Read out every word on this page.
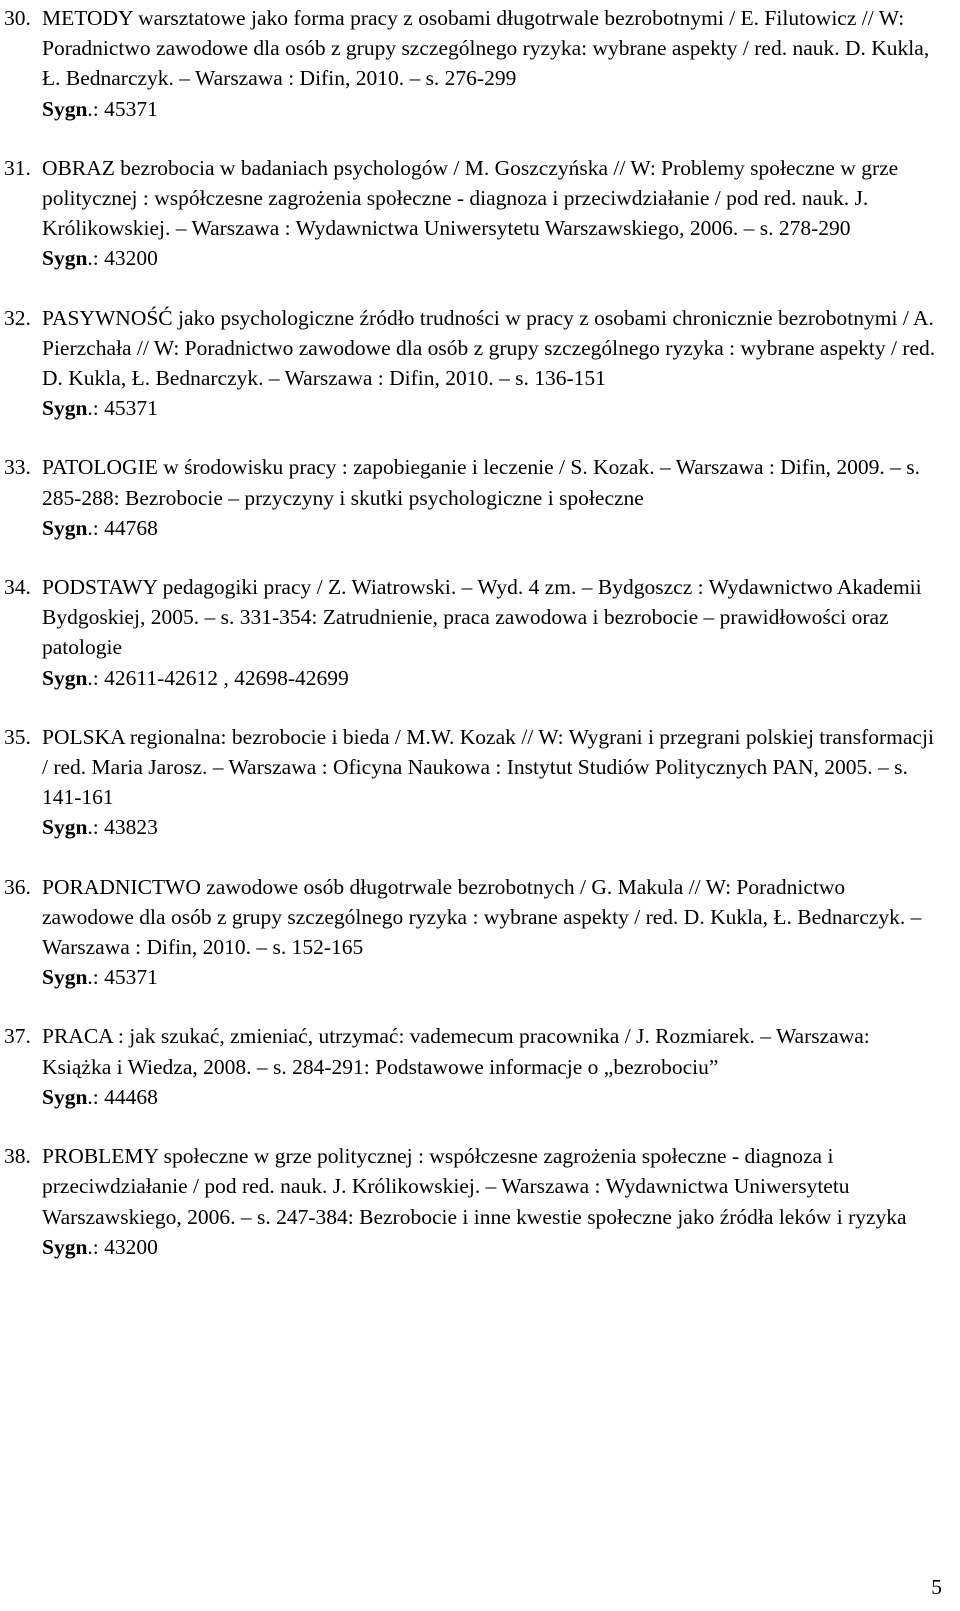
30. METODY warsztatowe jako forma pracy z osobami długotrwale bezrobotnymi / E. Filutowicz // W: Poradnictwo zawodowe dla osób z grupy szczególnego ryzyka: wybrane aspekty / red. nauk. D. Kukla, Ł. Bednarczyk. – Warszawa : Difin, 2010. – s. 276-299
Sygn.: 45371
31. OBRAZ bezrobocia w badaniach psychologów / M. Goszczyńska // W: Problemy społeczne w grze politycznej : współczesne zagrożenia społeczne - diagnoza i przeciwdziałanie / pod red. nauk. J. Królikowskiej. – Warszawa : Wydawnictwa Uniwersytetu Warszawskiego, 2006. – s. 278-290
Sygn.: 43200
32. PASYWNOŚĆ jako psychologiczne źródło trudności w pracy z osobami chronicznie bezrobotnymi / A. Pierzchała // W: Poradnictwo zawodowe dla osób z grupy szczególnego ryzyka : wybrane aspekty / red. D. Kukla, Ł. Bednarczyk. – Warszawa : Difin, 2010. – s. 136-151
Sygn.: 45371
33. PATOLOGIE w środowisku pracy : zapobieganie i leczenie / S. Kozak. – Warszawa : Difin, 2009. – s. 285-288: Bezrobocie – przyczyny i skutki psychologiczne i społeczne
Sygn.: 44768
34. PODSTAWY pedagogiki pracy / Z. Wiatrowski. – Wyd. 4 zm. – Bydgoszcz : Wydawnictwo Akademii Bydgoskiej, 2005. – s. 331-354: Zatrudnienie, praca zawodowa i bezrobocie – prawidłowości oraz patologie
Sygn.: 42611-42612 , 42698-42699
35. POLSKA regionalna: bezrobocie i bieda / M.W. Kozak // W: Wygrani i przegrani polskiej transformacji / red. Maria Jarosz. – Warszawa : Oficyna Naukowa : Instytut Studiów Politycznych PAN, 2005. – s. 141-161
Sygn.: 43823
36. PORADNICTWO zawodowe osób długotrwale bezrobotnych / G. Makula // W: Poradnictwo zawodowe dla osób z grupy szczególnego ryzyka : wybrane aspekty / red. D. Kukla, Ł. Bednarczyk. – Warszawa : Difin, 2010. – s. 152-165
Sygn.: 45371
37. PRACA : jak szukać, zmieniać, utrzymać: vademecum pracownika / J. Rozmiarek. – Warszawa: Książka i Wiedza, 2008. – s. 284-291: Podstawowe informacje o „bezrobociu”
Sygn.: 44468
38. PROBLEMY społeczne w grze politycznej : współczesne zagrożenia społeczne - diagnoza i przeciwdziałanie / pod red. nauk. J. Królikowskiej. – Warszawa : Wydawnictwa Uniwersytetu Warszawskiego, 2006. – s. 247-384: Bezrobocie i inne kwestie społeczne jako źródła leków i ryzyka
Sygn.: 43200
5
